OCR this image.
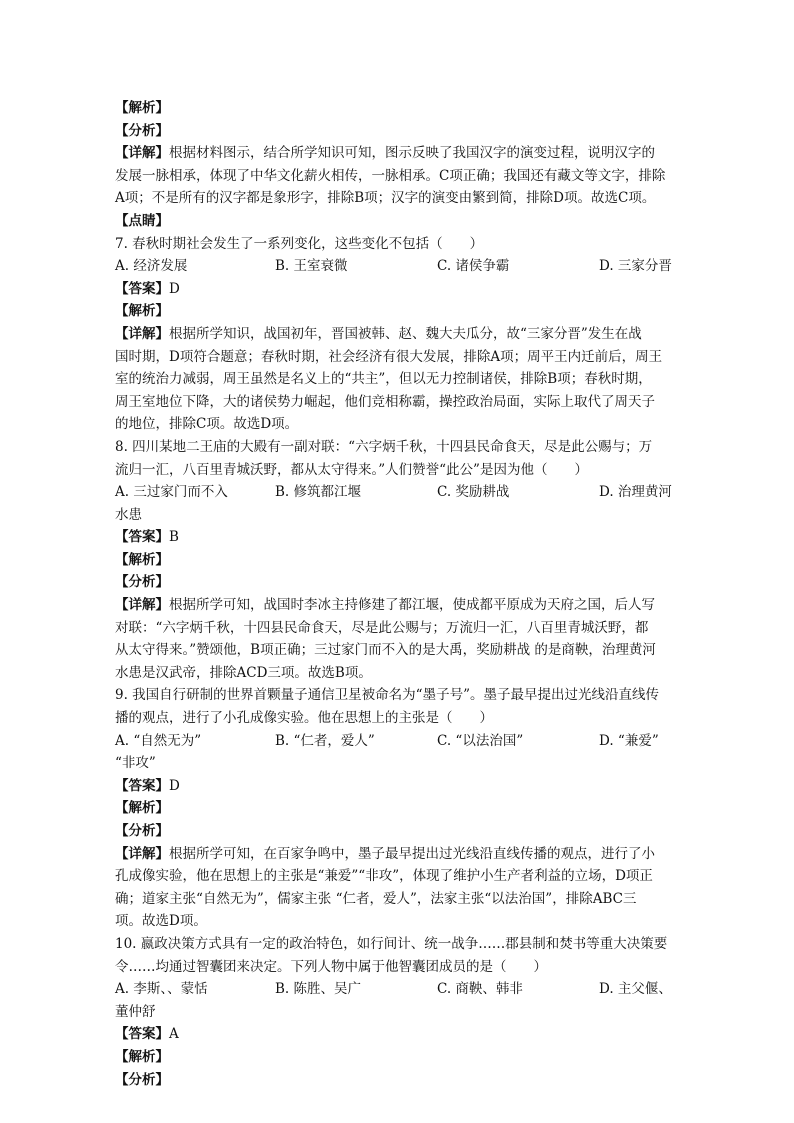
【解析】
【分析】
【详解】根据材料图示，结合所学知识可知，图示反映了我国汉字的演变过程，说明汉字的
发展一脉相承，体现了中华文化薪火相传，一脉相承。C项正确；我国还有藏文等文字，排除
A项；不是所有的汉字都是象形字，排除B项；汉字的演变由繁到简，排除D项。故选C项。
【点睛】
7. 春秋时期社会发生了一系列变化，这些变化不包括（　　）
A. 经济发展	B. 王室衰微	C. 诸侯争霸	D. 三家分晋
【答案】D
【解析】
【详解】根据所学知识，战国初年，晋国被韩、赵、魏大夫瓜分，故“三家分晋”发生在战
国时期，D项符合题意；春秋时期，社会经济有很大发展，排除A项；周平王内迁前后，周王
室的统治力减弱，周王虽然是名义上的“共主”，但以无力控制诸侯，排除B项；春秋时期，
周王室地位下降，大的诸侯势力崛起，他们竞相称霸，操控政治局面，实际上取代了周天子
的地位，排除C项。故选D项。
8. 四川某地二王庙的大殿有一副对联：“六字炳千秋，十四县民命食天，尽是此公赐与；万
流归一汇，八百里青城沃野，都从太守得来。”人们赞誉“此公”是因为他（　　）
A. 三过家门而不入	B. 修筑都江堰	C. 奖励耕战	D. 治理黄河
水患
【答案】B
【解析】
【分析】
【详解】根据所学可知，战国时李冰主持修建了都江堰，使成都平原成为天府之国，后人写
对联：“六字炳千秋，十四县民命食天，尽是此公赐与；万流归一汇，八百里青城沃野，都
从太守得来。”赞颂他，B项正确；三过家门而不入的是大禹，奖励耕战 的是商鞅，治理黄河
水患是汉武帝，排除ACD三项。故选B项。
9. 我国自行研制的世界首颗量子通信卫星被命名为“墨子号”。墨子最早提出过光线沿直线传
播的观点，进行了小孔成像实验。他在思想上的主张是（　　）
A. “自然无为”	B. “仁者，爱人”	C. “以法治国”	D. “兼爱”
“非攻”
【答案】D
【解析】
【分析】
【详解】根据所学可知，在百家争鸣中，墨子最早提出过光线沿直线传播的观点，进行了小
孔成像实验，他在思想上的主张是“兼爱”“非攻”，体现了维护小生产者利益的立场，D项正
确；道家主张“自然无为”，儒家主张 “仁者，爱人”，法家主张“以法治国”，排除ABC三
项。故选D项。
10. 嬴政决策方式具有一定的政治特色，如行间计、统一战争……郡县制和焚书等重大决策要
令……均通过智囊团来决定。下列人物中属于他智囊团成员的是（　　）
A. 李斯、、蒙恬	B. 陈胜、吴广	C. 商鞅、韩非	D. 主父偃、
董仲舒
【答案】A
【解析】
【分析】
